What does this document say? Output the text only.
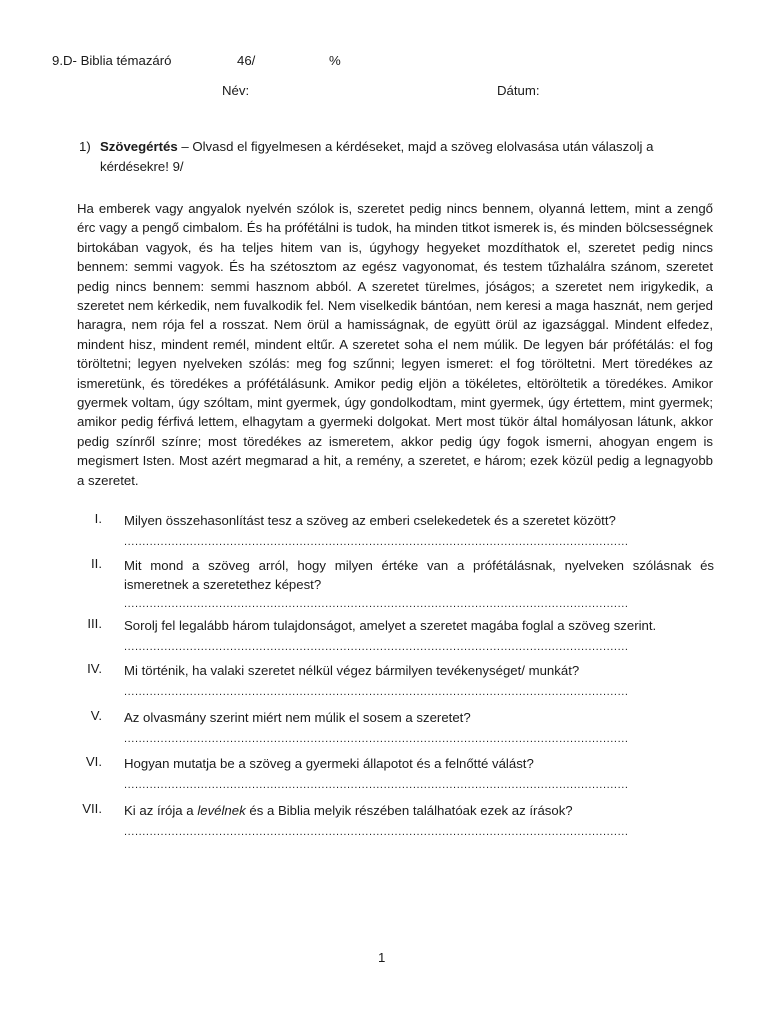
9.D- Biblia témazáró	46/	%
Név:	Dátum:
1) Szövegértés – Olvasd el figyelmesen a kérdéseket, majd a szöveg elolvasása után válaszolj a kérdésekre! 9/
Ha emberek vagy angyalok nyelvén szólok is, szeretet pedig nincs bennem, olyanná lettem, mint a zengő érc vagy a pengő cimbalom. És ha prófétálni is tudok, ha minden titkot ismerek is, és minden bölcsességnek birtokában vagyok, és ha teljes hitem van is, úgyhogy hegyeket mozdíthatok el, szeretet pedig nincs bennem: semmi vagyok. És ha szétosztom az egész vagyonomat, és testem tűzhalálra szánom, szeretet pedig nincs bennem: semmi hasznom abból. A szeretet türelmes, jóságos; a szeretet nem irigykedik, a szeretet nem kérkedik, nem fuvalkodik fel. Nem viselkedik bántóan, nem keresi a maga hasznát, nem gerjed haragra, nem rója fel a rosszat. Nem örül a hamisságnak, de együtt örül az igazsággal. Mindent elfedez, mindent hisz, mindent remél, mindent eltűr. A szeretet soha el nem múlik. De legyen bár prófétálás: el fog töröltetni; legyen nyelveken szólás: meg fog szűnni; legyen ismeret: el fog töröltetni. Mert töredékes az ismeretünk, és töredékes a prófétálásunk. Amikor pedig eljön a tökéletes, eltöröltetik a töredékes. Amikor gyermek voltam, úgy szóltam, mint gyermek, úgy gondolkodtam, mint gyermek, úgy értettem, mint gyermek; amikor pedig férfivá lettem, elhagytam a gyermeki dolgokat. Mert most tükör által homályosan látunk, akkor pedig színről színre; most töredékes az ismeretem, akkor pedig úgy fogok ismerni, ahogyan engem is megismert Isten. Most azért megmarad a hit, a remény, a szeretet, e három; ezek közül pedig a legnagyobb a szeretet.
I. Milyen összehasonlítást tesz a szöveg az emberi cselekedetek és a szeretet között?
..........................................................................................................................................
II. Mit mond a szöveg arról, hogy milyen értéke van a prófétálásnak, nyelveken szólásnak és ismeretnek a szeretethez képest?
..........................................................................................................................................
III. Sorolj fel legalább három tulajdonságot, amelyet a szeretet magába foglal a szöveg szerint.
..........................................................................................................................................
IV. Mi történik, ha valaki szeretet nélkül végez bármilyen tevékenységet/ munkát?
..........................................................................................................................................
V. Az olvasmány szerint miért nem múlik el sosem a szeretet?
..........................................................................................................................................
VI. Hogyan mutatja be a szöveg a gyermeki állapotot és a felnőtté válást?
..........................................................................................................................................
VII. Ki az írója a levélnek és a Biblia melyik részében találhatóak ezek az írások?
..........................................................................................................................................
1
